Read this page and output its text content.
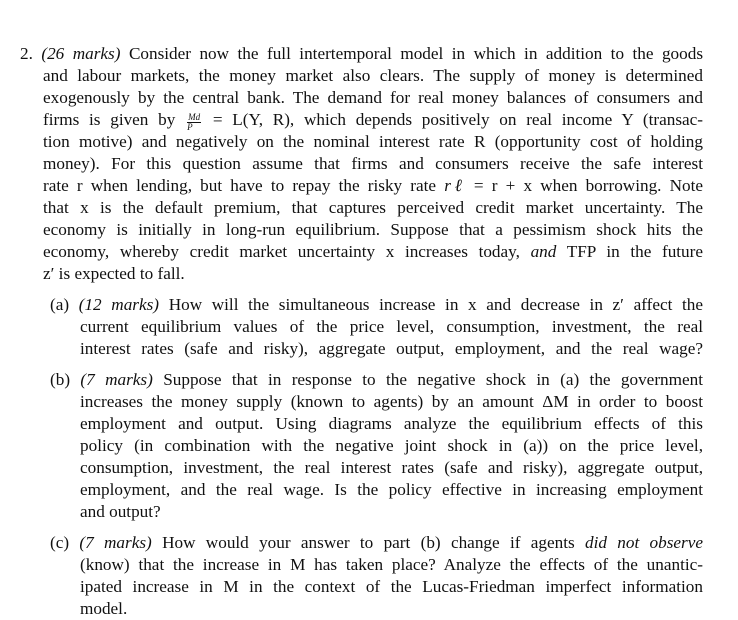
2. (26 marks) Consider now the full intertemporal model in which in addition to the goods
and labour markets, the money market also clears. The supply of money is determined
exogenously by the central bank. The demand for real money balances of consumers and
firms is given by $\frac{Md}{P} = L(Y$, R), which depends positively on real income Y (transac-
tion motive) and negatively on the nominal interest rate R (opportunity cost of holding
money). For this question assume that firms and consumers receive the safe interest
rate r when lending, but have to repay the risky rate rℓ = r + x when borrowing. Note
that x is the default premium, that captures perceived credit market uncertainty. The
economy is initially in long-run equilibrium. Suppose that a pessimism shock hits the
economy, whereby credit market uncertainty x increases today, and TFP in the future
z′ is expected to fall.
(a) (12 marks) How will the simultaneous increase in x and decrease in z′ affect the
current equilibrium values of the price level, consumption, investment, the real
interest rates (safe and risky), aggregate output, employment, and the real wage?
(b) (7 marks) Suppose that in response to the negative shock in (a) the government
increases the money supply (known to agents) by an amount ΔM in order to boost
employment and output. Using diagrams analyze the equilibrium effects of this
policy (in combination with the negative joint shock in (a)) on the price level,
consumption, investment, the real interest rates (safe and risky), aggregate output,
employment, and the real wage. Is the policy effective in increasing employment
and output?
(c) (7 marks) How would your answer to part (b) change if agents did not observe
(know) that the increase in M has taken place? Analyze the effects of the unantic-
ipated increase in M in the context of the Lucas-Friedman imperfect information
model.
